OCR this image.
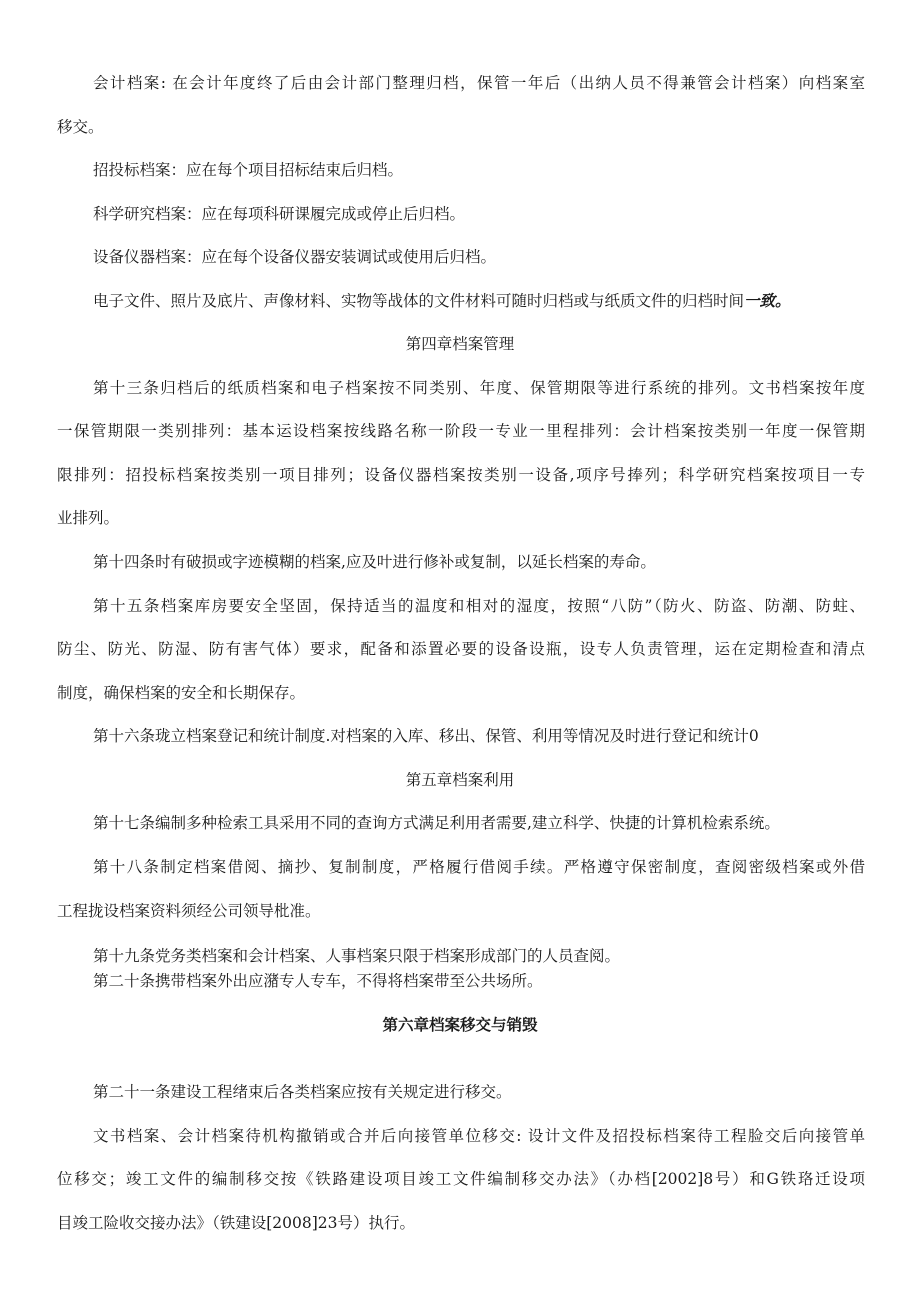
会计档案: 在会计年度终了后由会计部门整理归档，保管一年后（出纳人员不得兼管会计档案）向档案室
移交。
招投标档案：应在每个项目招标结束后归档。
科学研究档案：应在每项科研课履完成或停止后归档。
设备仪器档案：应在每个设备仪器安装调试或使用后归档。
电子文件、照片及底片、声像材料、实物等战体的文件材料可随时归档或与纸质文件的归档时间一致。
第四章档案管理
第十三条归档后的纸质档案和电子档案按不同类别、年度、保管期限等进行系统的排列。文书档案按年度
一保管期限一类别排列：基本运设档案按线路名称一阶段一专业一里程排列：会计档案按类别一年度一保管期
限排列：招投标档案按类别一项目排列；设备仪器档案按类别一设备,项序号捧列；科学研究档案按项目一专
业排列。
第十四条时有破损或字迹模糊的档案,应及叶进行修补或复制，以延长档案的寿命。
第十五条档案库房要安全坚固，保持适当的温度和相对的湿度，按照“八防”（防火、防盗、防潮、防蛀、
防尘、防光、防湿、防有害气体）要求，配备和添置必要的设备设瓶，设专人负责管理，运在定期检查和清点
制度，确保档案的安全和长期保存。
第十六条珑立档案登记和统计制度.对档案的入库、移出、保管、利用等情况及时进行登记和统计0
第五章档案利用
第十七条编制多种检索工具采用不同的查询方式满足利用者需要,建立科学、快捷的计算机检索系统。
第十八条制定档案借阅、摘抄、复制制度，严格履行借阅手续。严格遵守保密制度，查阅密级档案或外借
工程拢设档案资料须经公司领导枇准。
第十九条党务类档案和会计档案、人事档案只限于档案形成部门的人员查阅。
第二十条携带档案外出应潴专人专车，不得将档案带至公共场所。
第六章档案移交与销毁
第二十一条建设工程绪束后各类档案应按有关规定进行移交。
文书档案、会计档案待机构撤销或合并后向接管单位移交: 设计文件及招投标档案待工程脸交后向接管单
位移交；竣工文件的编制移交按《铁路建设项目竣工文件编制移交办法》（办档[2002]8号）和G铁珞迁设项
目竣工险收交接办法》（铁建设[2008]23号）执行。
